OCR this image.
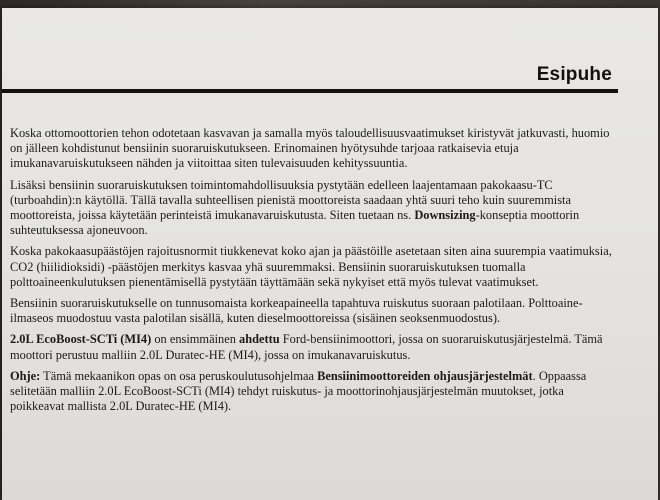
Esipuhe

Koska ottomoottorien tehon odotetaan kasvavan ja samalla myös taloudellisuusvaatimukset kiristyvät jatkuvasti, huomio on jälleen kohdistunut bensiinin suoraruiskutukseen. Erinomainen hyötysuhde tarjoaa ratkaisevia etuja imukanavaruiskutukseen nähden ja viitoittaa siten tulevaisuuden kehityssuuntia.

Lisäksi bensiinin suoraruiskutuksen toimintomahdollisuuksia pystytään edelleen laajentamaan pakokaasu-TC (turboahdin):n käytöllä. Tällä tavalla suhteellisen pienistä moottoreista saadaan yhtä suuri teho kuin suuremmista moottoreista, joissa käytetään perinteistä imukanavaruiskutusta. Siten tuetaan ns. Downsizing-konseptia moottorin suhteutuksessa ajoneuvoon.

Koska pakokaasupäästöjen rajoitusnormit tiukkenevat koko ajan ja päästöille asetetaan siten aina suurempia vaatimuksia, CO2 (hiilidioksidi) -päästöjen merkitys kasvaa yhä suuremmaksi. Bensiinin suoraruiskutuksen tuomalla polttoaineenkulutuksen pienentämisellä pystytään täyttämään sekä nykyiset että myös tulevat vaatimukset.

Bensiinin suoraruiskutukselle on tunnusomaista korkeapaineella tapahtuva ruiskutus suoraan palotilaan. Polttoaine-ilmaseos muodostuu vasta palotilan sisällä, kuten dieselmoottoreissa (sisäinen seoksenmuodostus).

2.0L EcoBoost-SCTi (MI4) on ensimmäinen ahdettu Ford-bensiinimoottori, jossa on suoraruiskutusjärjestelmä. Tämä moottori perustuu malliin 2.0L Duratec-HE (MI4), jossa on imukanavaruiskutus.

Ohje: Tämä mekaanikon opas on osa peruskoulutusohjelmaa Bensiinimoottoreiden ohjausjärjestelmät. Oppaassa selitetään malliin 2.0L EcoBoost-SCTi (MI4) tehdyt ruiskutus- ja moottorinohjausjärjestelmän muutokset, jotka poikkeavat mallista 2.0L Duratec-HE (MI4).
